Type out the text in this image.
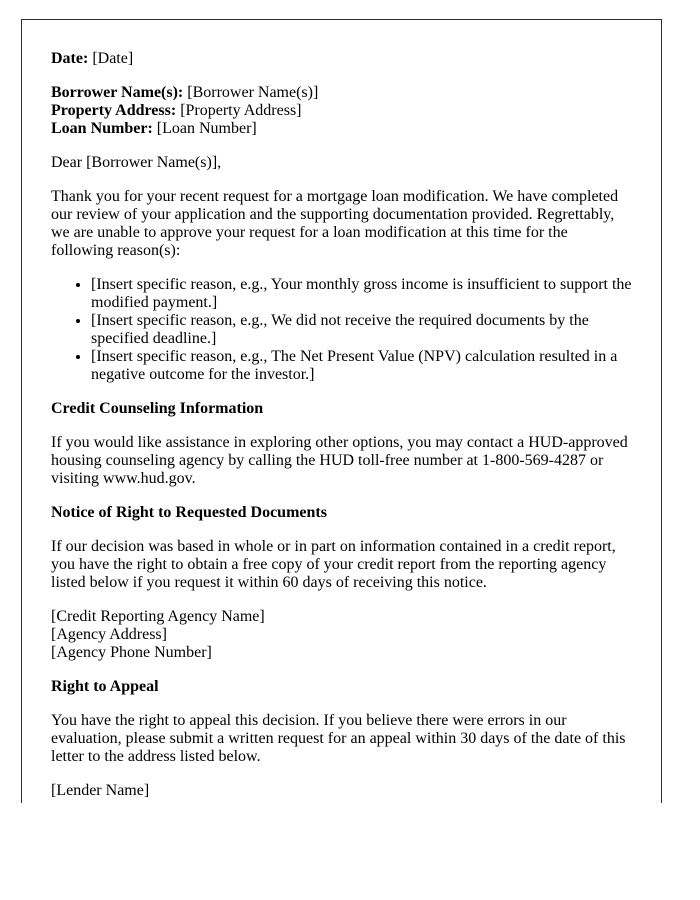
Date: [Date]

Borrower Name(s): [Borrower Name(s)]
Property Address: [Property Address]
Loan Number: [Loan Number]

Dear [Borrower Name(s)],

Thank you for your recent request for a mortgage loan modification. We have completed our review of your application and the supporting documentation provided. Regrettably, we are unable to approve your request for a loan modification at this time for the following reason(s):

• [Insert specific reason, e.g., Your monthly gross income is insufficient to support the modified payment.]
• [Insert specific reason, e.g., We did not receive the required documents by the specified deadline.]
• [Insert specific reason, e.g., The Net Present Value (NPV) calculation resulted in a negative outcome for the investor.]

Credit Counseling Information

If you would like assistance in exploring other options, you may contact a HUD-approved housing counseling agency by calling the HUD toll-free number at 1-800-569-4287 or visiting www.hud.gov.

Notice of Right to Requested Documents

If our decision was based in whole or in part on information contained in a credit report, you have the right to obtain a free copy of your credit report from the reporting agency listed below if you request it within 60 days of receiving this notice.

[Credit Reporting Agency Name]
[Agency Address]
[Agency Phone Number]

Right to Appeal

You have the right to appeal this decision. If you believe there were errors in our evaluation, please submit a written request for an appeal within 30 days of the date of this letter to the address listed below.

[Lender Name]
